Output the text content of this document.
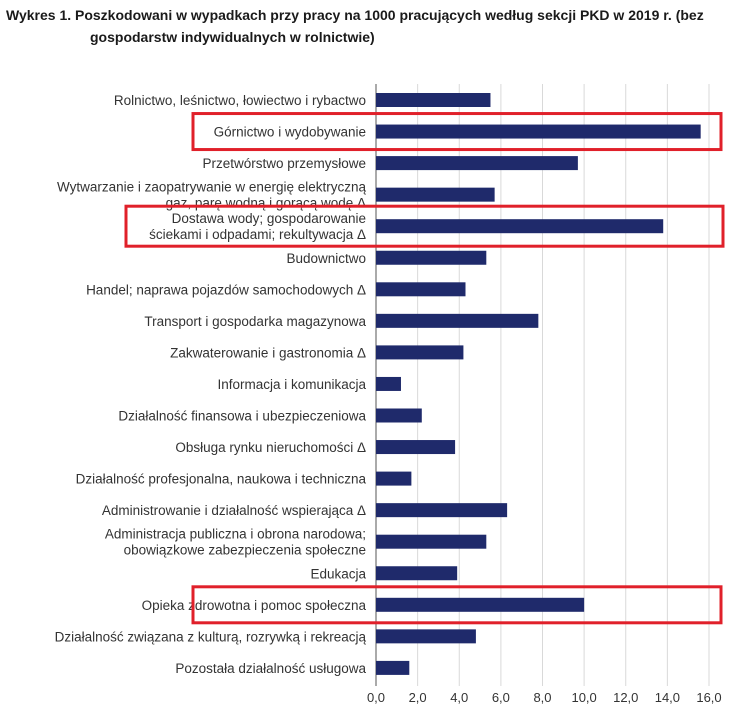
Wykres 1. Poszkodowani w wypadkach przy pracy na 1000 pracujących według sekcji PKD w 2019 r. (bez
gospodarstw indywidualnych w rolnictwie)
0,0 2,0 4,0 6,0 8,0 10,0 12,0 14,0 16,0
Rolnictwo, leśnictwo, łowiectwo i rybactwo
Górnictwo i wydobywanie
Przetwórstwo przemysłowe
Wytwarzanie i zaopatrywanie w energię elektryczną
gaz, parę wodną i gorącą wodę Δ
Dostawa wody; gospodarowanie
ściekami i odpadami; rekultywacja Δ
Budownictwo
Handel; naprawa pojazdów samochodowych Δ
Transport i gospodarka magazynowa
Zakwaterowanie i gastronomia Δ
Informacja i komunikacja
Działalność finansowa i ubezpieczeniowa
Obsługa rynku nieruchomości Δ
Działalność profesjonalna, naukowa i techniczna
Administrowanie i działalność wspierająca Δ
Administracja publiczna i obrona narodowa;
obowiązkowe zabezpieczenia społeczne
Edukacja
Opieka zdrowotna i pomoc społeczna
Działalność związana z kulturą, rozrywką i rekreacją
Pozostała działalność usługowa
